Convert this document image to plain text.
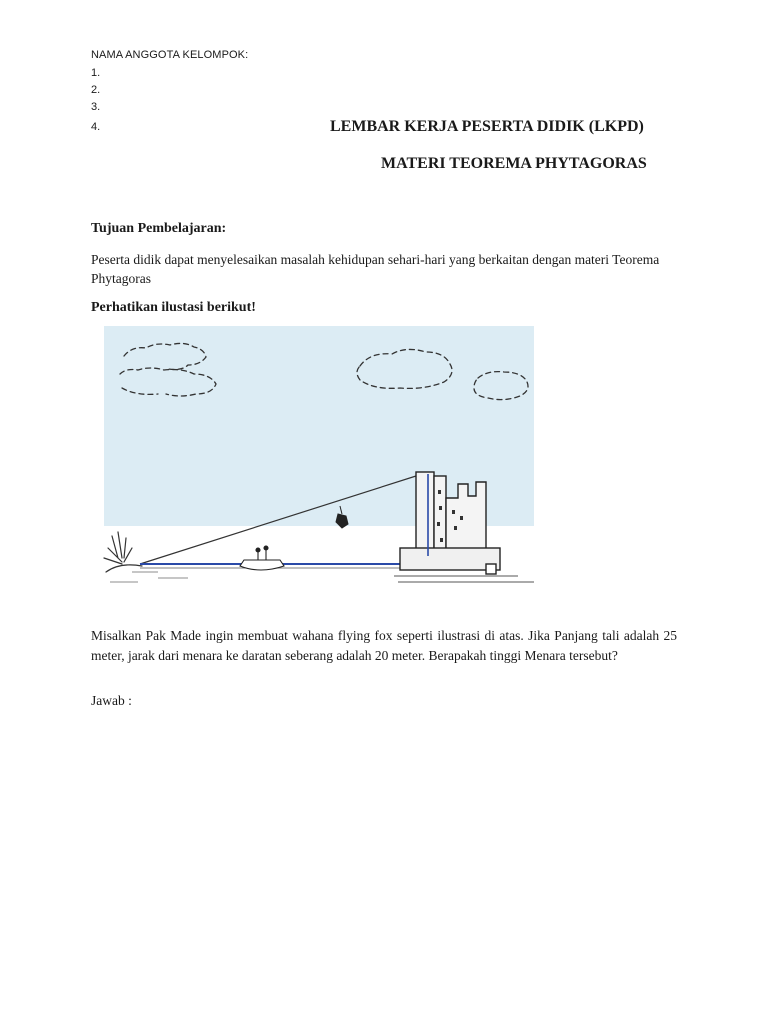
NAMA ANGGOTA KELOMPOK:
1.
2.
3.
4.	LEMBAR KERJA PESERTA DIDIK (LKPD)
MATERI TEOREMA PHYTAGORAS
Tujuan Pembelajaran:
Peserta didik dapat menyelesaikan masalah kehidupan sehari-hari yang berkaitan dengan materi Teorema Phytagoras
Perhatikan ilustasi berikut!
Misalkan Pak Made ingin membuat wahana flying fox seperti ilustrasi di atas. Jika Panjang tali adalah 25 meter, jarak dari menara ke daratan seberang adalah 20 meter. Berapakah tinggi Menara tersebut?
Jawab :
